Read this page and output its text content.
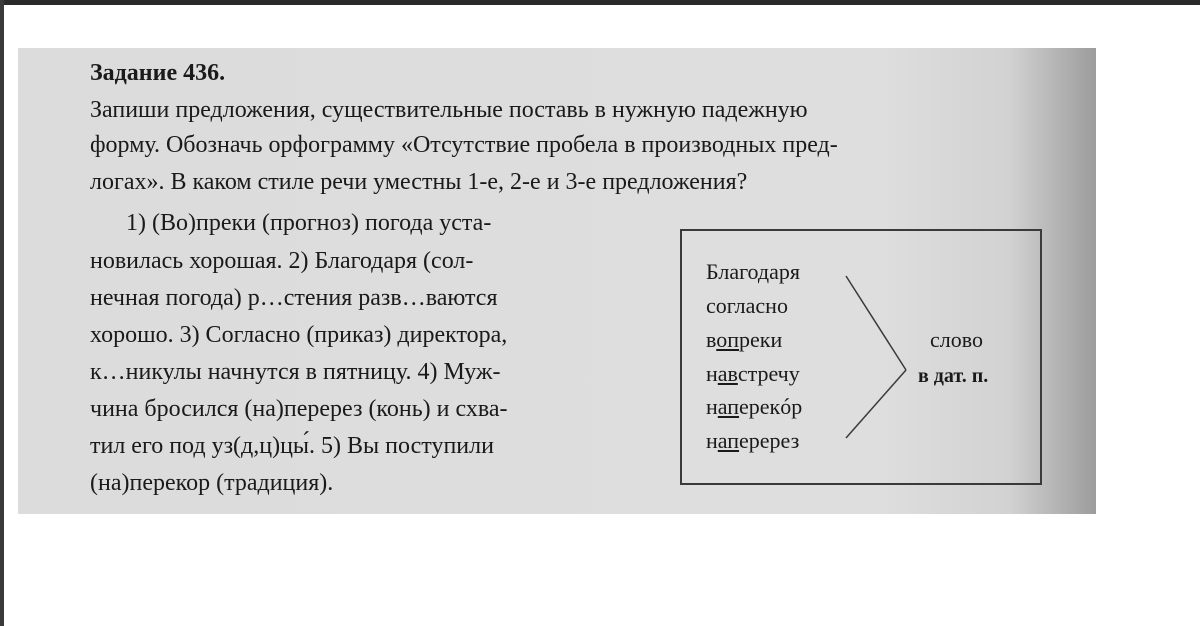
Задание 436.
Запиши предложения, существительные поставь в нужную падежную
форму. Обозначь орфограмму «Отсутствие пробела в производных пред-
логах». В каком стиле речи уместны 1-е, 2-е и 3-е предложения?
1) (Во)преки (прогноз) погода уста-
новилась хорошая. 2) Благодаря (сол-
нечная погода) р…стения разв…ваются
хорошо. 3) Согласно (приказ) директора,
к…никулы начнутся в пятницу. 4) Муж-
чина бросился (на)перерез (конь) и схва-
тил его под уз(д,ц)цы́. 5) Вы поступили
(на)перекор (традиция).
Благодаря
согласно
вопреки
навстречу
наперекóр
наперерез
слово
в дат. п.
